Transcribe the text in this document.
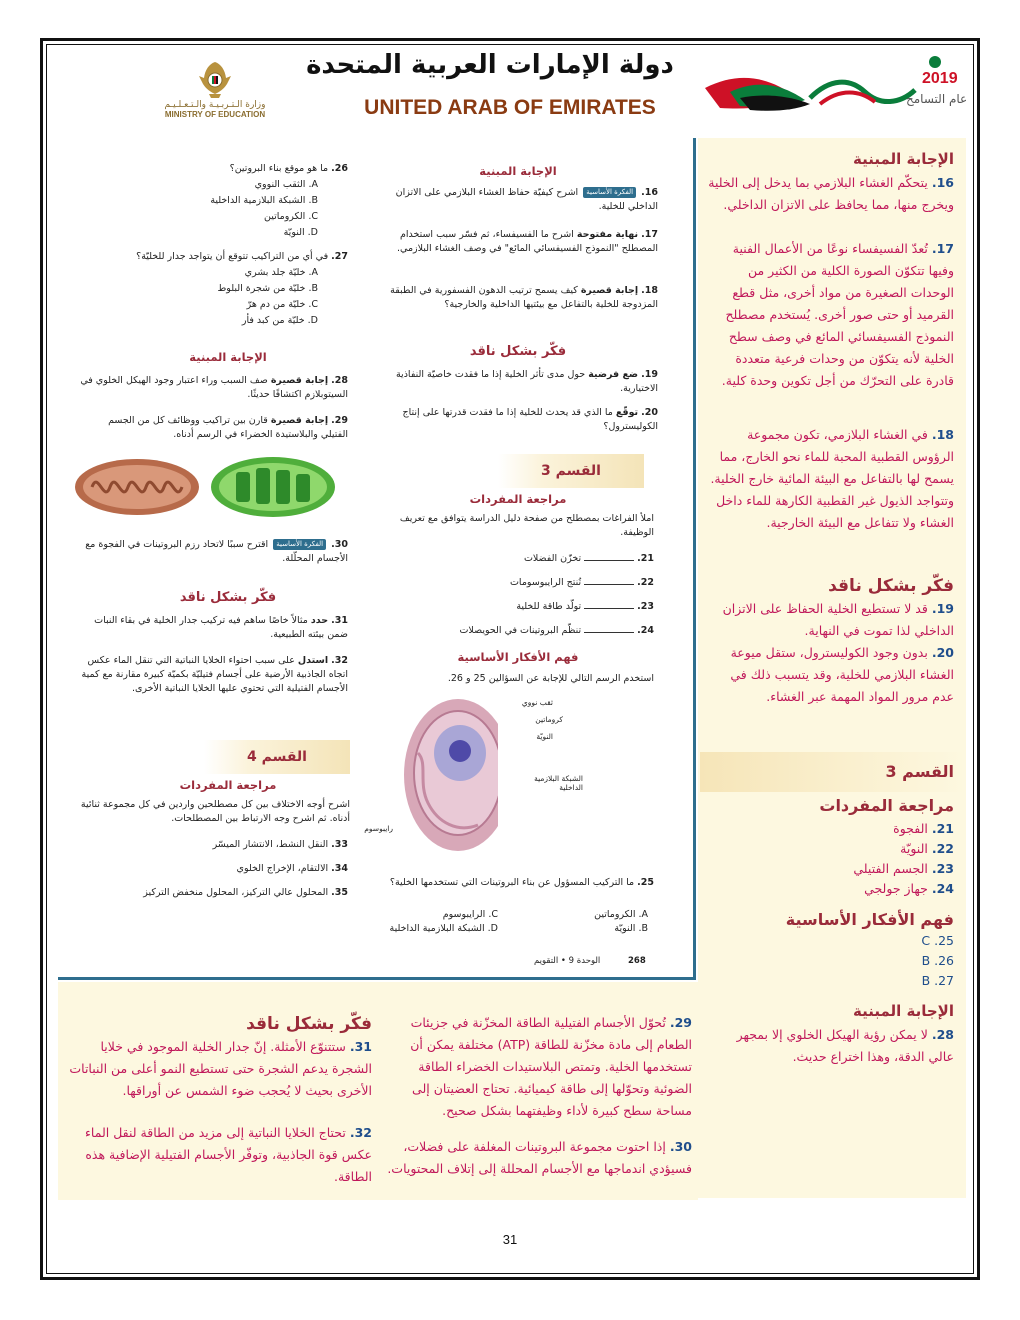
دولة الإمارات العربية المتحدة
UNITED ARAB OF EMIRATES
وزارة الـتـربـيـة والـتـعـلـيـم
MINISTRY OF EDUCATION
2019
عام التسامح
الإجابة المبنية
16. الفكرة الأساسية اشرح كيفيّة حفاظ الغشاء البلازمي على الاتزان الداخلي للخلية.
17. نهاية مفتوحة اشرح ما الفسيفساء، ثم فسّر سبب استخدام المصطلح "النموذج الفسيفسائي المائع" في وصف الغشاء البلازمي.
18. إجابة قصيرة كيف يسمح ترتيب الدهون الفسفورية في الطبقة المزدوجة للخلية بالتفاعل مع بيئتيها الداخلية والخارجية؟
فكّر بشكل ناقد
19. ضع فرضية حول مدى تأثر الخلية إذا ما فقدت خاصيّة النفاذية الاختيارية.
20. توقّع ما الذي قد يحدث للخلية إذا ما فقدت قدرتها على إنتاج الكوليسترول؟
القسم 3
مراجعة المفردات
املأ الفراغات بمصطلح من صفحة دليل الدراسة يتوافق مع تعريف الوظيفة.
21.تخزّن الفضلات
22.تُنتج الرايبوسومات
23.تولّد طاقة للخلية
24.تنظّم البروتينات في الحويصلات
فهم الأفكار الأساسية
استخدم الرسم التالي للإجابة عن السؤالين 25 و 26.
ثقب نووي
كروماتين
النويّة
الشبكة البلازمية الداخلية
رايبوسوم
25. ما التركيب المسؤول عن بناء البروتينات التي تستخدمها الخلية؟
A. الكروماتين
B. النويّة
C. الرايبوسوم
D. الشبكة البلازمية الداخلية
الوحدة 9 • التقويم	268
26. ما هو موقع بناء البروتين؟
A. الثقب النووي
B. الشبكة البلازمية الداخلية
C. الكروماتين
D. النويّة
27. في أي من التراكيب تتوقع أن يتواجد جدار للخليّة؟
A. خليّة جلد بشري
B. خليّة من شجرة البلوط
C. خليّة من دم هرّ
D. خليّة من كبد فأر
الإجابة المبنية
28. إجابة قصيرة صف السبب وراء اعتبار وجود الهيكل الخلوي في السيتوبلازم اكتشافًا حديثًا.
29. إجابة قصيرة قارن بين تراكيب ووظائف كل من الجسم الفتيلي والبلاستيدة الخضراء في الرسم أدناه.
30. الفكرة الأساسية اقترح سببًا لاتحاد رزم البروتينات في الفجوة مع الأجسام المحلّلة.
فكّر بشكل ناقد
31. حدد مثالاً خاصًا ساهم فيه تركيب جدار الخلية في بقاء النبات ضمن بيئته الطبيعية.
32. استدل على سبب احتواء الخلايا النباتية التي تنقل الماء عكس اتجاه الجاذبية الأرضية على أجسام فتيليّة بكميّة كبيرة مقارنة مع كمية الأجسام الفتيلية التي تحتوي عليها الخلايا النباتية الأخرى.
القسم 4
مراجعة المفردات
اشرح أوجه الاختلاف بين كل مصطلحين واردين في كل مجموعة ثنائية أدناه. ثم اشرح وجه الارتباط بين المصطلحات.
33. النقل النشط، الانتشار الميسّر
34. الالتقام، الإخراج الخلوي
35. المحلول عالي التركيز، المحلول منخفض التركيز
الإجابة المبنية
16. يتحكّم الغشاء البلازمي بما يدخل إلى الخلية ويخرج منها، مما يحافظ على الاتزان الداخلي.
17. تُعدّ الفسيفساء نوعًا من الأعمال الفنية وفيها تتكوّن الصورة الكلية من الكثير من الوحدات الصغيرة من مواد أخرى، مثل قطع القرميد أو حتى صور أخرى. يُستخدم مصطلح النموذج الفسيفسائي المائع في وصف سطح الخلية لأنه يتكوّن من وحدات فرعية متعددة قادرة على التحرّك من أجل تكوين وحدة كلية.
18. في الغشاء البلازمي، تكون مجموعة الرؤوس القطبية المحبة للماء نحو الخارج، مما يسمح لها بالتفاعل مع البيئة المائية خارج الخلية. وتتواجد الذيول غير القطبية الكارهة للماء داخل الغشاء ولا تتفاعل مع البيئة الخارجية.
فكّر بشكل ناقد
19. قد لا تستطيع الخلية الحفاظ على الاتزان الداخلي لذا تموت في النهاية.
20. بدون وجود الكوليسترول، ستقل ميوعة الغشاء البلازمي للخلية، وقد يتسبب ذلك في عدم مرور المواد المهمة عبر الغشاء.
القسم 3
مراجعة المفردات
21. الفجوة
22. النويّة
23. الجسم الفتيلي
24. جهاز جولجي
فهم الأفكار الأساسية
C .25
B .26
B .27
الإجابة المبنية
28. لا يمكن رؤية الهيكل الخلوي إلا بمجهر عالي الدقة، وهذا اختراع حديث.
29. تُحوّل الأجسام الفتيلية الطاقة المخزّنة في جزيئات الطعام إلى مادة مخزّنة للطاقة (ATP) مختلفة يمكن أن تستخدمها الخلية. وتمتص البلاستيدات الخضراء الطاقة الضوئية وتحوّلها إلى طاقة كيميائية. تحتاج العضيتان إلى مساحة سطح كبيرة لأداء وظيفتهما بشكل صحيح.
30. إذا احتوت مجموعة البروتينات المغلفة على فضلات، فسيؤدي اندماجها مع الأجسام المحللة إلى إتلاف المحتويات.
فكّر بشكل ناقد
31. ستتنوّع الأمثلة. إنّ جدار الخلية الموجود في خلايا الشجرة يدعم الشجرة حتى تستطيع النمو أعلى من النباتات الأخرى بحيث لا يُحجب ضوء الشمس عن أوراقها.
32. تحتاج الخلايا النباتية إلى مزيد من الطاقة لنقل الماء عكس قوة الجاذبية، وتوفّر الأجسام الفتيلية الإضافية هذه الطاقة.
31
